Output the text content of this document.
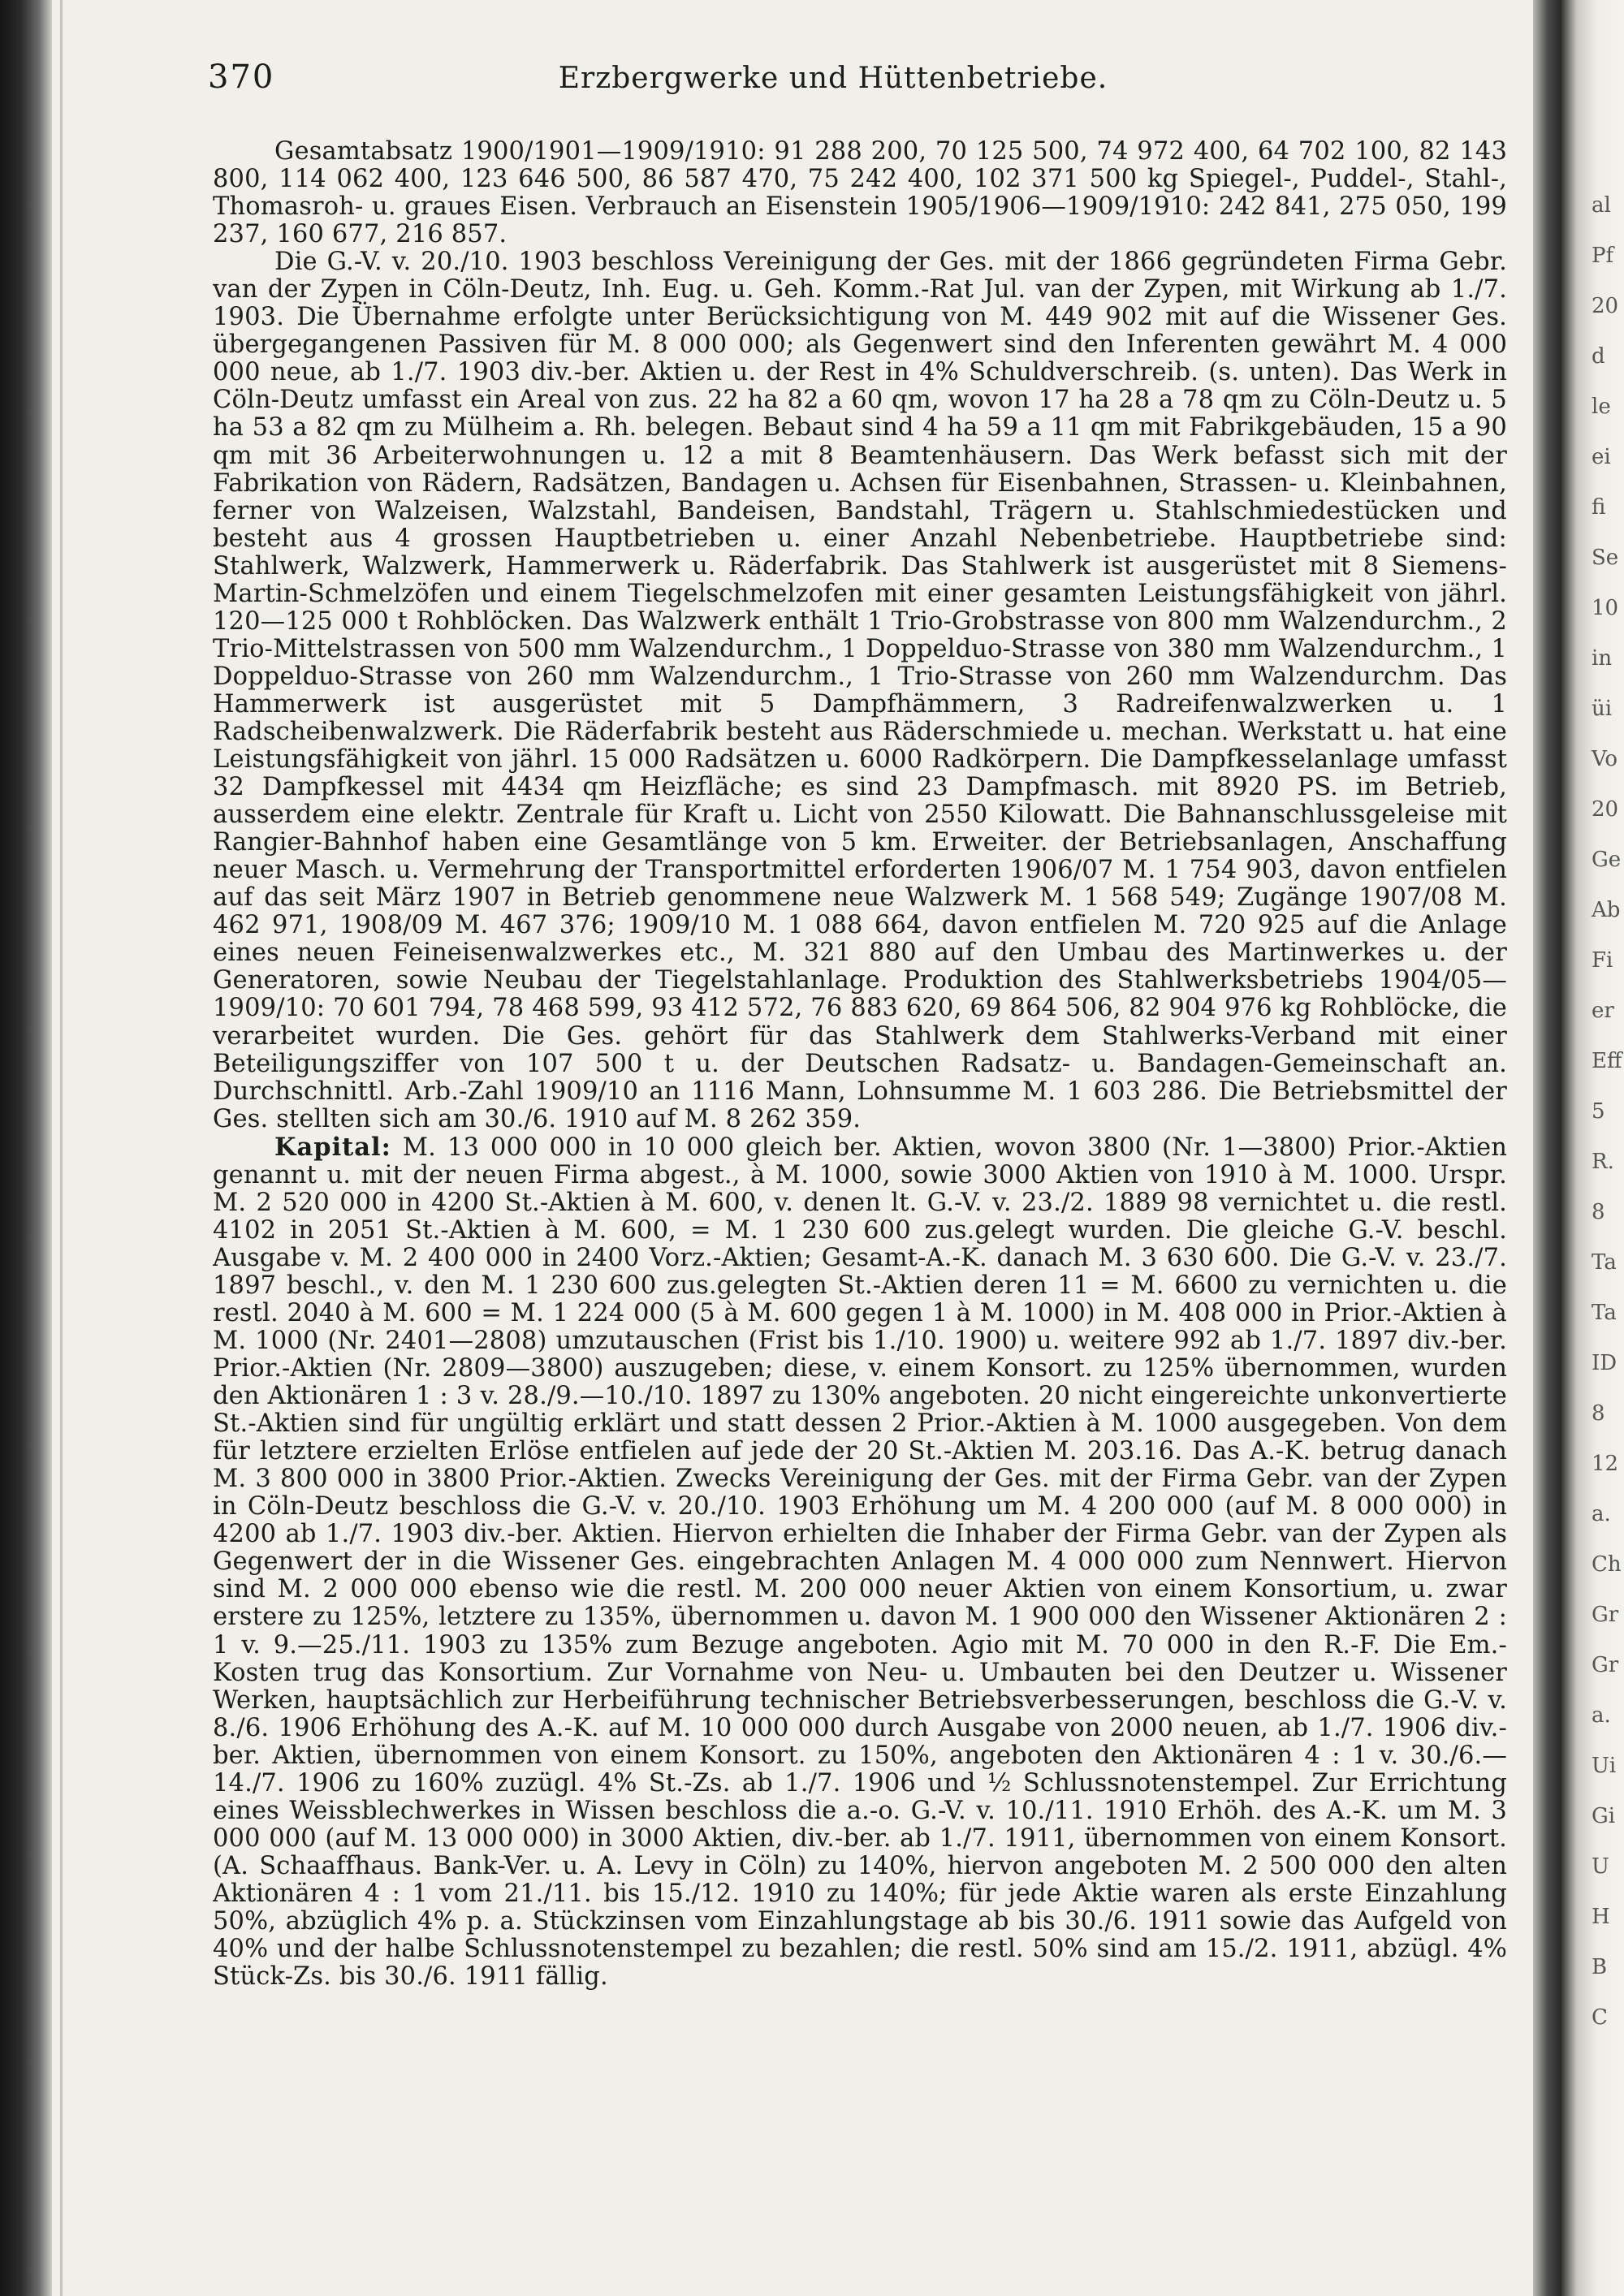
al
Pf
20
d
le
ei
fi
Se
10
in
üi
Vo
20
Ge
Ab
Fi
er
Eff
5
R.
8
Ta
Ta
ID
8
12
a.
Ch
Gr
Gr
a.
Ui
Gi
U
H
B
C
370	Erzbergwerke und Hüttenbetriebe.

Gesamtabsatz 1900/1901—1909/1910: 91 288 200, 70 125 500, 74 972 400, 64 702 100, 82 143 800, 114 062 400, 123 646 500, 86 587 470, 75 242 400, 102 371 500 kg Spiegel-, Puddel-, Stahl-, Thomasroh- u. graues Eisen. Verbrauch an Eisenstein 1905/1906—1909/1910: 242 841, 275 050, 199 237, 160 677, 216 857.

Die G.-V. v. 20./10. 1903 beschloss Vereinigung der Ges. mit der 1866 gegründeten Firma Gebr. van der Zypen in Cöln-Deutz, Inh. Eug. u. Geh. Komm.-Rat Jul. van der Zypen, mit Wirkung ab 1./7. 1903. Die Übernahme erfolgte unter Berücksichtigung von M. 449 902 mit auf die Wissener Ges. übergegangenen Passiven für M. 8 000 000; als Gegenwert sind den Inferenten gewährt M. 4 000 000 neue, ab 1./7. 1903 div.-ber. Aktien u. der Rest in 4% Schuldverschreib. (s. unten). Das Werk in Cöln-Deutz umfasst ein Areal von zus. 22 ha 82 a 60 qm, wovon 17 ha 28 a 78 qm zu Cöln-Deutz u. 5 ha 53 a 82 qm zu Mülheim a. Rh. belegen. Bebaut sind 4 ha 59 a 11 qm mit Fabrikgebäuden, 15 a 90 qm mit 36 Arbeiterwohnungen u. 12 a mit 8 Beamtenhäusern. Das Werk befasst sich mit der Fabrikation von Rädern, Radsätzen, Bandagen u. Achsen für Eisenbahnen, Strassen- u. Kleinbahnen, ferner von Walzeisen, Walzstahl, Bandeisen, Bandstahl, Trägern u. Stahlschmiedestücken und besteht aus 4 grossen Hauptbetrieben u. einer Anzahl Nebenbetriebe. Hauptbetriebe sind: Stahlwerk, Walzwerk, Hammerwerk u. Räderfabrik. Das Stahlwerk ist ausgerüstet mit 8 Siemens-Martin-Schmelzöfen und einem Tiegelschmelzofen mit einer gesamten Leistungsfähigkeit von jährl. 120—125 000 t Rohblöcken. Das Walzwerk enthält 1 Trio-Grobstrasse von 800 mm Walzendurchm., 2 Trio-Mittelstrassen von 500 mm Walzendurchm., 1 Doppelduo-Strasse von 380 mm Walzendurchm., 1 Doppelduo-Strasse von 260 mm Walzendurchm., 1 Trio-Strasse von 260 mm Walzendurchm. Das Hammerwerk ist ausgerüstet mit 5 Dampfhämmern, 3 Radreifenwalzwerken u. 1 Radscheibenwalzwerk. Die Räderfabrik besteht aus Räderschmiede u. mechan. Werkstatt u. hat eine Leistungsfähigkeit von jährl. 15 000 Radsätzen u. 6000 Radkörpern. Die Dampfkesselanlage umfasst 32 Dampfkessel mit 4434 qm Heizfläche; es sind 23 Dampfmasch. mit 8920 PS. im Betrieb, ausserdem eine elektr. Zentrale für Kraft u. Licht von 2550 Kilowatt. Die Bahnanschlussgeleise mit Rangier-Bahnhof haben eine Gesamtlänge von 5 km. Erweiter. der Betriebsanlagen, Anschaffung neuer Masch. u. Vermehrung der Transportmittel erforderten 1906/07 M. 1 754 903, davon entfielen auf das seit März 1907 in Betrieb genommene neue Walzwerk M. 1 568 549; Zugänge 1907/08 M. 462 971, 1908/09 M. 467 376; 1909/10 M. 1 088 664, davon entfielen M. 720 925 auf die Anlage eines neuen Feineisenwalzwerkes etc., M. 321 880 auf den Umbau des Martinwerkes u. der Generatoren, sowie Neubau der Tiegelstahlanlage. Produktion des Stahlwerksbetriebs 1904/05—1909/10: 70 601 794, 78 468 599, 93 412 572, 76 883 620, 69 864 506, 82 904 976 kg Rohblöcke, die verarbeitet wurden. Die Ges. gehört für das Stahlwerk dem Stahlwerks-Verband mit einer Beteiligungsziffer von 107 500 t u. der Deutschen Radsatz- u. Bandagen-Gemeinschaft an. Durchschnittl. Arb.-Zahl 1909/10 an 1116 Mann, Lohnsumme M. 1 603 286. Die Betriebsmittel der Ges. stellten sich am 30./6. 1910 auf M. 8 262 359.

Kapital: M. 13 000 000 in 10 000 gleich ber. Aktien, wovon 3800 (Nr. 1—3800) Prior.-Aktien genannt u. mit der neuen Firma abgest., à M. 1000, sowie 3000 Aktien von 1910 à M. 1000. Urspr. M. 2 520 000 in 4200 St.-Aktien à M. 600, v. denen lt. G.-V. v. 23./2. 1889 98 vernichtet u. die restl. 4102 in 2051 St.-Aktien à M. 600, = M. 1 230 600 zus.gelegt wurden. Die gleiche G.-V. beschl. Ausgabe v. M. 2 400 000 in 2400 Vorz.-Aktien; Gesamt-A.-K. danach M. 3 630 600. Die G.-V. v. 23./7. 1897 beschl., v. den M. 1 230 600 zus.gelegten St.-Aktien deren 11 = M. 6600 zu vernichten u. die restl. 2040 à M. 600 = M. 1 224 000 (5 à M. 600 gegen 1 à M. 1000) in M. 408 000 in Prior.-Aktien à M. 1000 (Nr. 2401—2808) umzutauschen (Frist bis 1./10. 1900) u. weitere 992 ab 1./7. 1897 div.-ber. Prior.-Aktien (Nr. 2809—3800) auszugeben; diese, v. einem Konsort. zu 125% übernommen, wurden den Aktionären 1 : 3 v. 28./9.—10./10. 1897 zu 130% angeboten. 20 nicht eingereichte unkonvertierte St.-Aktien sind für ungültig erklärt und statt dessen 2 Prior.-Aktien à M. 1000 ausgegeben. Von dem für letztere erzielten Erlöse entfielen auf jede der 20 St.-Aktien M. 203.16. Das A.-K. betrug danach M. 3 800 000 in 3800 Prior.-Aktien. Zwecks Vereinigung der Ges. mit der Firma Gebr. van der Zypen in Cöln-Deutz beschloss die G.-V. v. 20./10. 1903 Erhöhung um M. 4 200 000 (auf M. 8 000 000) in 4200 ab 1./7. 1903 div.-ber. Aktien. Hiervon erhielten die Inhaber der Firma Gebr. van der Zypen als Gegenwert der in die Wissener Ges. eingebrachten Anlagen M. 4 000 000 zum Nennwert. Hiervon sind M. 2 000 000 ebenso wie die restl. M. 200 000 neuer Aktien von einem Konsortium, u. zwar erstere zu 125%, letztere zu 135%, übernommen u. davon M. 1 900 000 den Wissener Aktionären 2 : 1 v. 9.—25./11. 1903 zu 135% zum Bezuge angeboten. Agio mit M. 70 000 in den R.-F. Die Em.-Kosten trug das Konsortium. Zur Vornahme von Neu- u. Umbauten bei den Deutzer u. Wissener Werken, hauptsächlich zur Herbeiführung technischer Betriebsverbesserungen, beschloss die G.-V. v. 8./6. 1906 Erhöhung des A.-K. auf M. 10 000 000 durch Ausgabe von 2000 neuen, ab 1./7. 1906 div.-ber. Aktien, übernommen von einem Konsort. zu 150%, angeboten den Aktionären 4 : 1 v. 30./6.—14./7. 1906 zu 160% zuzügl. 4% St.-Zs. ab 1./7. 1906 und ½ Schlussnotenstempel. Zur Errichtung eines Weissblechwerkes in Wissen beschloss die a.-o. G.-V. v. 10./11. 1910 Erhöh. des A.-K. um M. 3 000 000 (auf M. 13 000 000) in 3000 Aktien, div.-ber. ab 1./7. 1911, übernommen von einem Konsort. (A. Schaaffhaus. Bank-Ver. u. A. Levy in Cöln) zu 140%, hiervon angeboten M. 2 500 000 den alten Aktionären 4 : 1 vom 21./11. bis 15./12. 1910 zu 140%; für jede Aktie waren als erste Einzahlung 50%, abzüglich 4% p. a. Stückzinsen vom Einzahlungstage ab bis 30./6. 1911 sowie das Aufgeld von 40% und der halbe Schlussnotenstempel zu bezahlen; die restl. 50% sind am 15./2. 1911, abzügl. 4% Stück-Zs. bis 30./6. 1911 fällig.
